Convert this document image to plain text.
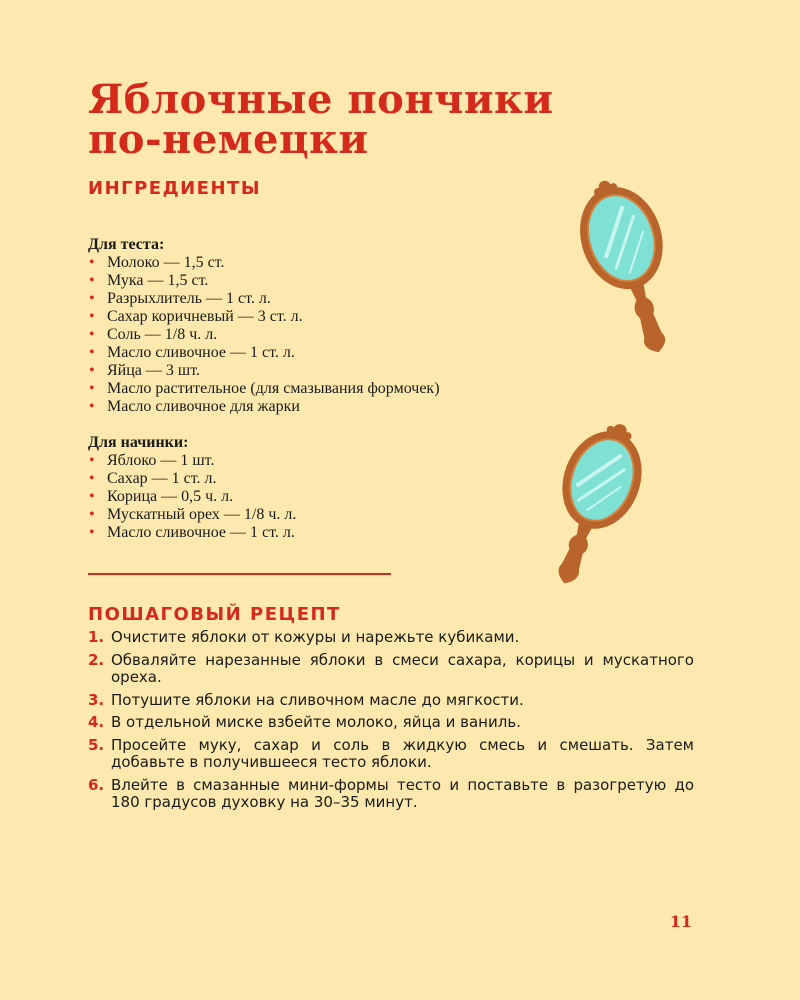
Яблочные пончики
по-немецки
ИНГРЕДИЕНТЫ

Для теста:

• Молоко — 1,5 ст.
• Мука — 1,5 ст.
• Разрыхлитель — 1 ст. л.
• Сахар коричневый — 3 ст. л.
• Соль — 1/8 ч. л.
• Масло сливочное — 1 ст. л.
• Яйца — 3 шт.
• Масло растительное (для смазывания формочек)
• Масло сливочное для жарки

Для начинки:

• Яблоко — 1 шт.
• Сахар — 1 ст. л.
• Корица — 0,5 ч. л.
• Мускатный орех — 1/8 ч. л.
• Масло сливочное — 1 ст. л.
ПОШАГОВЫЙ РЕЦЕПТ
1. Очистите яблоки от кожуры и нарежьте кубиками.
2. Обваляйте нарезанные яблоки в смеси сахара, корицы и мускатного ореха.
3. Потушите яблоки на сливочном масле до мягкости.
4. В отдельной миске взбейте молоко, яйца и ваниль.
5. Просейте муку, сахар и соль в жидкую смесь и смешать. Затем добавьте в получившееся тесто яблоки.
6. Влейте в смазанные мини-формы тесто и поставьте в разогретую до 180 градусов духовку на 30–35 минут.
11
